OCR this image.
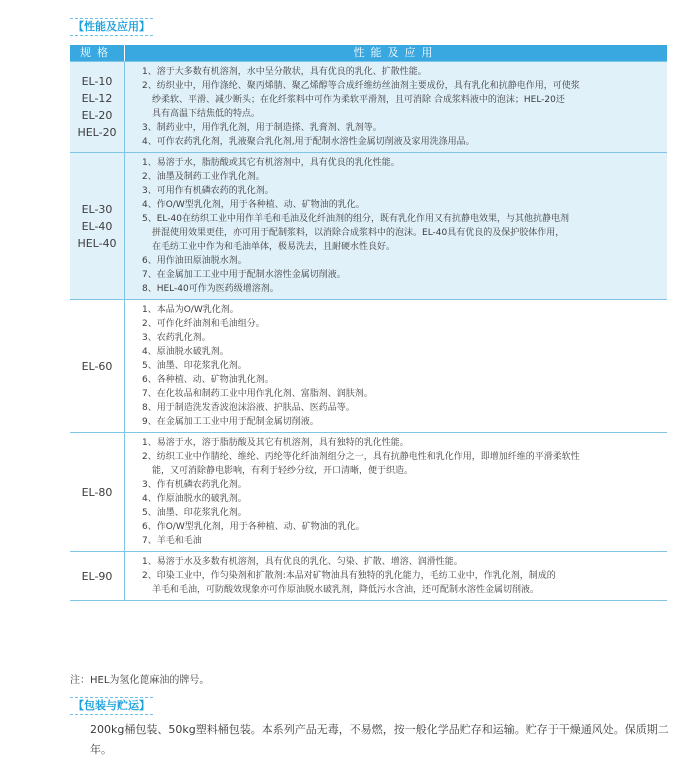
【性能及应用】
规格	性能及应用
EL-10
EL-12
EL-20
HEL-20
1、溶于大多数有机溶剂，水中呈分散状，具有优良的乳化、扩散性能。
2、纺织业中，用作涤纶、聚丙烯腈、聚乙烯醇等合成纤维纺丝油剂主要成份，具有乳化和抗静电作用，可使浆
纱柔软、平滑、减少断头；在化纤浆料中可作为柔软平滑剂，且可消除 合成浆料液中的泡沫；HEL-20还
具有高温下结焦低的特点。
3、制药业中，用作乳化剂，用于制造搽、乳膏剂、乳剂等。
4、可作农药乳化剂，乳液聚合乳化剂,用于配制水溶性金属切削液及家用洗涤用品。
EL-30
EL-40
HEL-40
1、易溶于水，脂肪酸或其它有机溶剂中，具有优良的乳化性能。
2、油墨及制药工业作乳化剂。
3、可用作有机磷农药的乳化剂。
4、作O/W型乳化剂，用于各种植、动、矿物油的乳化。
5、EL-40在纺织工业中用作羊毛和毛油及化纤油剂的组分，既有乳化作用又有抗静电效果，与其他抗静电剂
拼混使用效果更佳，亦可用于配制浆料，以消除合成浆料中的泡沫。EL-40具有优良的及保护胶体作用，
在毛纺工业中作为和毛油单体，极易洗去，且耐硬水性良好。
6、用作油田原油脱水剂。
7、在金属加工工业中用于配制水溶性金属切削液。
8、HEL-40可作为医药级增溶剂。
EL-60
1、本品为O/W乳化剂。
2、可作化纤油剂和毛油组分。
3、农药乳化剂。
4、原油脱水破乳剂。
5、油墨、印花浆乳化剂。
6、各种植、动、矿物油乳化剂。
7、在化妆品和制药工业中用作乳化剂、富脂剂、润肤剂。
8、用于制造洗发香波泡沫浴液、护肤品、医药品等。
9、在金属加工工业中用于配制金属切削液。
EL-80
1、易溶于水，溶于脂肪酸及其它有机溶剂，具有独特的乳化性能。
2、纺织工业中作腈纶、维纶、丙纶等化纤油剂组分之一，具有抗静电性和乳化作用，即增加纤维的平滑柔软性
能，又可消除静电影响，有利于轻纱分纹，开口清晰，便于织造。
3、作有机磷农药乳化剂。
4、作原油脱水的破乳剂。
5、油墨、印花浆乳化剂。
6、作O/W型乳化剂，用于各种植、动、矿物油的乳化。
7、羊毛和毛油
EL-90
1、易溶于水及多数有机溶剂，具有优良的乳化、匀染、扩散、增溶、润滑性能。
2、印染工业中，作匀染剂和扩散剂:本品对矿物油具有独特的乳化能力，毛纺工业中，作乳化剂，制成的
羊毛和毛油，可防酸效现象亦可作原油脱水破乳剂，降低污水含油，还可配制水溶性金属切削液。
注：HEL为氢化蓖麻油的牌号。
【包装与贮运】
200kg桶包装、50kg塑料桶包装。本系列产品无毒，不易燃，按一般化学品贮存和运输。贮存于干燥通风处。保质期二年。
